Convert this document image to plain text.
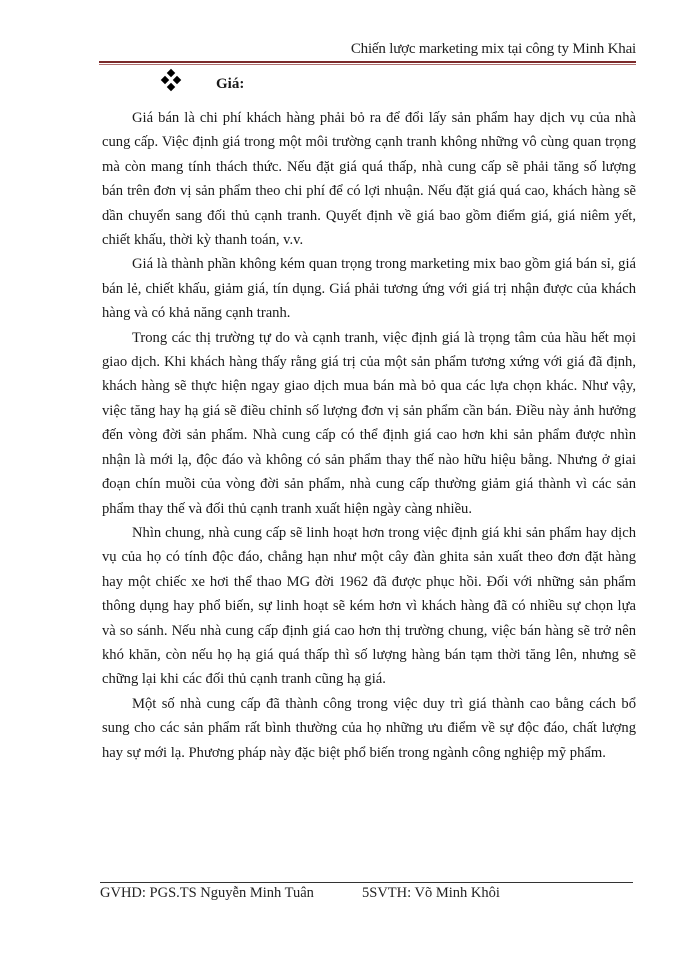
Chiến lược marketing mix tại công ty Minh Khai
Giá:

Giá bán là chi phí khách hàng phải bỏ ra để đổi lấy sản phẩm hay dịch vụ của nhà cung cấp. Việc định giá trong một môi trường cạnh tranh không những vô cùng quan trọng mà còn mang tính thách thức. Nếu đặt giá quá thấp, nhà cung cấp sẽ phải tăng số lượng bán trên đơn vị sản phẩm theo chi phí để có lợi nhuận. Nếu đặt giá quá cao, khách hàng sẽ dần chuyển sang đối thủ cạnh tranh. Quyết định về giá bao gồm điểm giá, giá niêm yết, chiết khấu, thời kỳ thanh toán, v.v.

Giá là thành phần không kém quan trọng trong marketing mix bao gồm giá bán sỉ, giá bán lẻ, chiết khấu, giảm giá, tín dụng. Giá phải tương ứng với giá trị nhận được của khách hàng và có khả năng cạnh tranh.

Trong các thị trường tự do và cạnh tranh, việc định giá là trọng tâm của hầu hết mọi giao dịch. Khi khách hàng thấy rằng giá trị của một sản phẩm tương xứng với giá đã định, khách hàng sẽ thực hiện ngay giao dịch mua bán mà bỏ qua các lựa chọn khác. Như vậy, việc tăng hay hạ giá sẽ điều chỉnh số lượng đơn vị sản phẩm cần bán. Điều này ảnh hưởng đến vòng đời sản phẩm. Nhà cung cấp có thể định giá cao hơn khi sản phẩm được nhìn nhận là mới lạ, độc đáo và không có sản phẩm thay thế nào hữu hiệu bằng. Nhưng ở giai đoạn chín muồi của vòng đời sản phẩm, nhà cung cấp thường giảm giá thành vì các sản phẩm thay thế và đối thủ cạnh tranh xuất hiện ngày càng nhiều.

Nhìn chung, nhà cung cấp sẽ linh hoạt hơn trong việc định giá khi sản phẩm hay dịch vụ của họ có tính độc đáo, chẳng hạn như một cây đàn ghita sản xuất theo đơn đặt hàng hay một chiếc xe hơi thể thao MG đời 1962 đã được phục hồi. Đối với những sản phẩm thông dụng hay phổ biến, sự linh hoạt sẽ kém hơn vì khách hàng đã có nhiều sự chọn lựa và so sánh. Nếu nhà cung cấp định giá cao hơn thị trường chung, việc bán hàng sẽ trở nên khó khăn, còn nếu họ hạ giá quá thấp thì số lượng hàng bán tạm thời tăng lên, nhưng sẽ chững lại khi các đối thủ cạnh tranh cũng hạ giá.

Một số nhà cung cấp đã thành công trong việc duy trì giá thành cao bằng cách bổ sung cho các sản phẩm rất bình thường của họ những ưu điểm về sự độc đáo, chất lượng hay sự mới lạ. Phương pháp này đặc biệt phổ biến trong ngành công nghiệp mỹ phẩm.

GVHD: PGS.TS Nguyễn Minh Tuân	5SVTH: Võ Minh Khôi
